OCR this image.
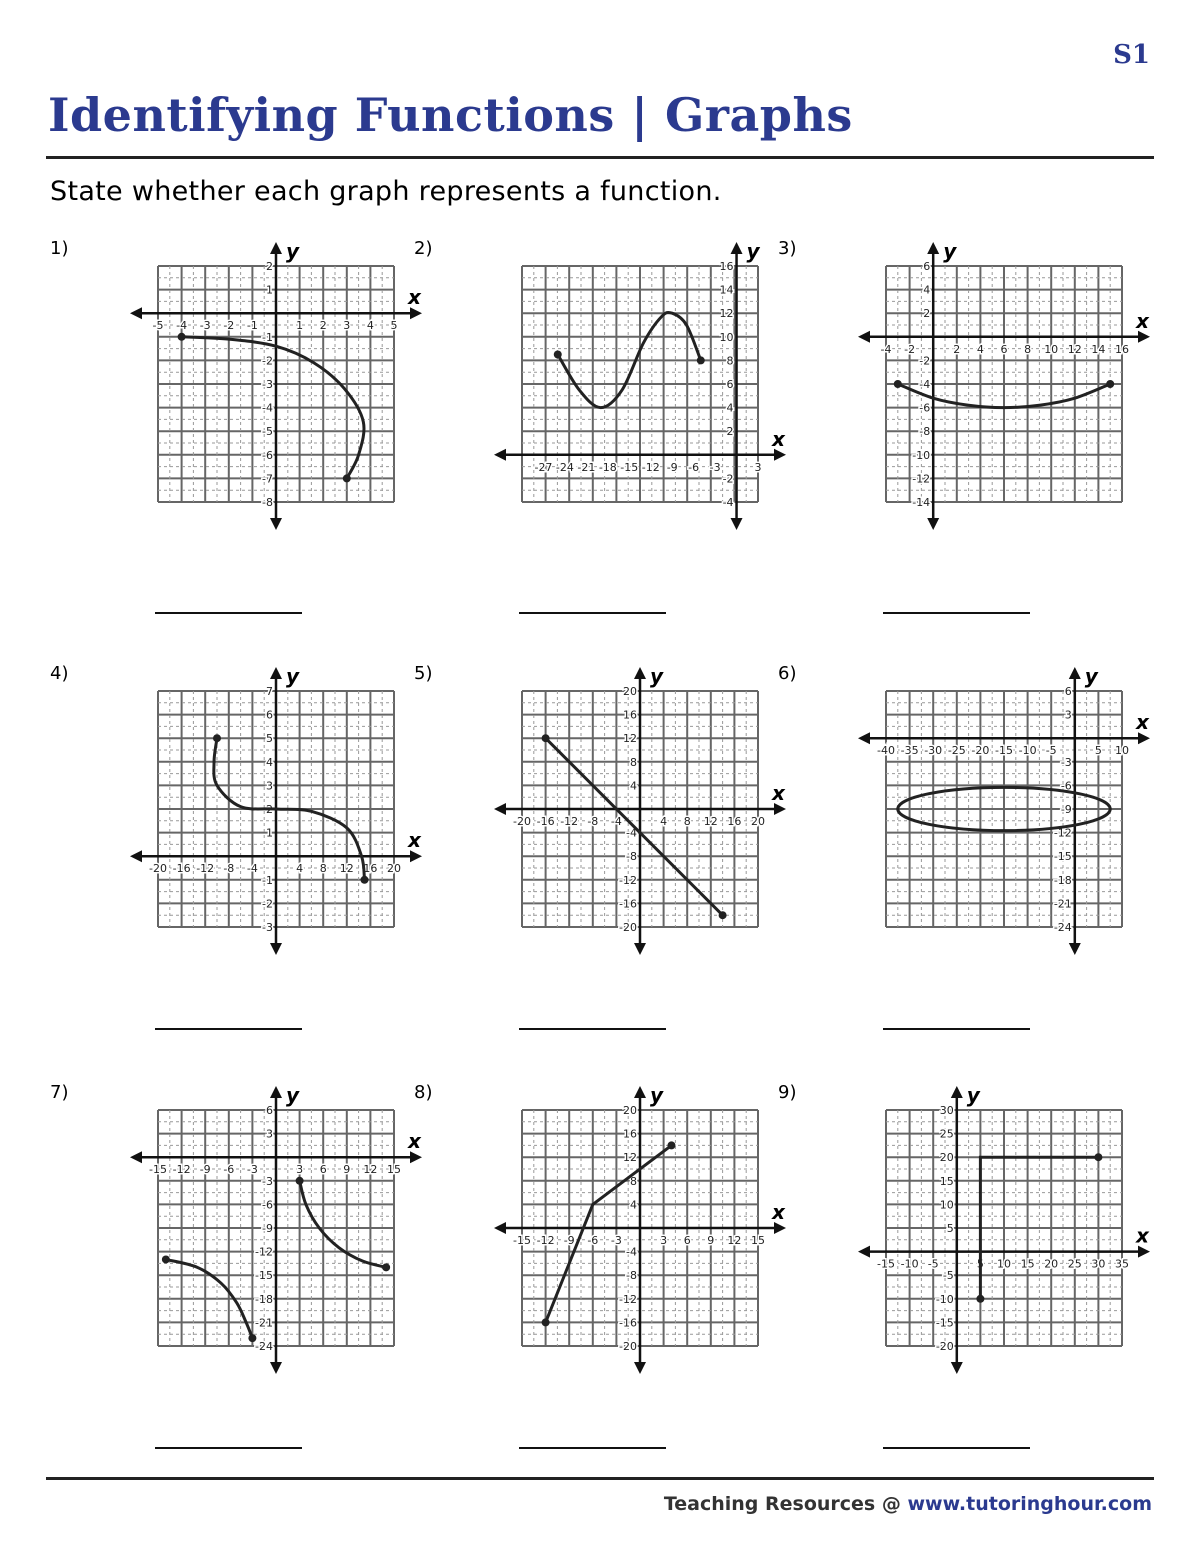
S1
Identifying Functions | Graphs
State whether each graph represents a function.
1)
x
y
-5 -4 -3 -2 -1	1 2 3 4 5
-8
-7
-6
-5
-4
-3
-2
-1
1
2
2)
x
y
-27 -24 -21 -18 -15 -12 -9 -6 -3	3
-4
-2
2
4
6
8
10
12
14
16
3)
x
y
-4 -2	2 4 6 8 10 12 14 16
-14
-12
-10
-8
-6
-4
-2
2
4
6
4)
x
y
-20 -16 -12 -8 -4	4 8 12 16 20
-3
-2
-1
1
2
3
4
5
6
7
5)
x
y
-20 -16 -12 -8 -4	4 8 12 16 20
-20
-16
-12
-8
-4
4
8
12
16
20
6)
x
y
-40 -35 -30 -25 -20 -15 -10 -5	5 10
-24
-21
-18
-15
-12
-9
-6
-3
3
6
7)
x
y
-15 -12 -9 -6 -3	3 6 9 12 15
-24
-21
-18
-15
-12
-9
-6
-3
3
6
8)
x
y
-15 -12 -9 -6 -3	3 6 9 12 15
-20
-16
-12
-8
-4
4
8
12
16
20
9)
x
y
-15 -10 -5	5 10 15 20 25 30 35
-20
-15
-10
-5
5
10
15
20
25
30
Teaching Resources @ www.tutoringhour.com
